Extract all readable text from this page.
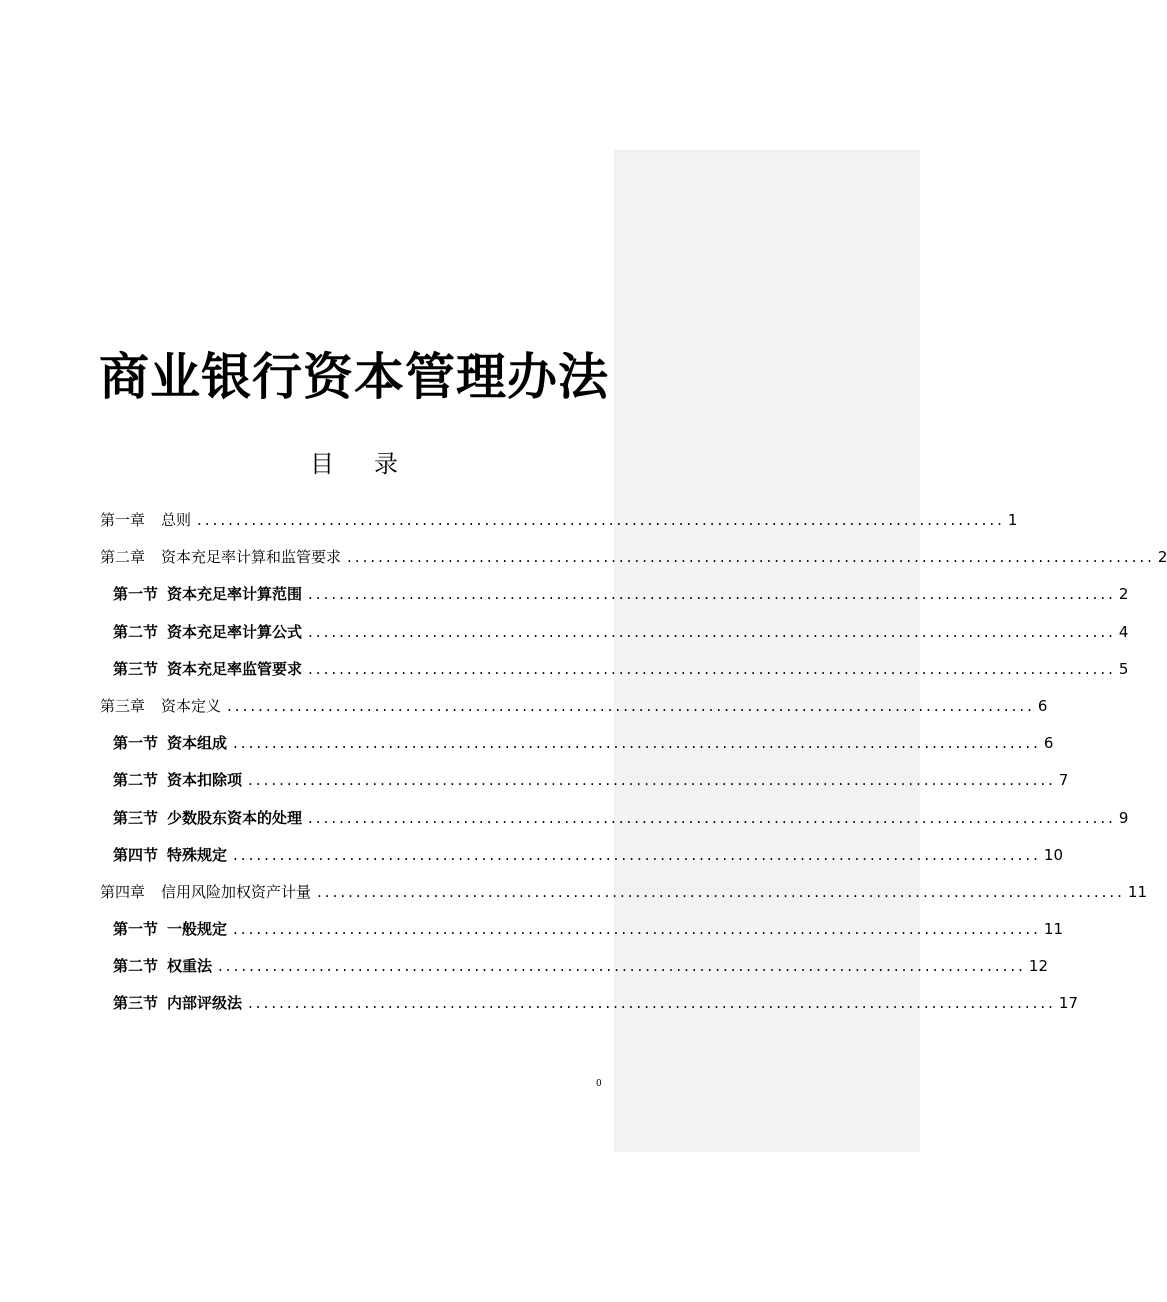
商业银行资本管理办法
目 录
第一章 总则 ........................................................................................................ 1
第二章 资本充足率计算和监管要求 ........................................................................................................ 2
第一节 资本充足率计算范围 ........................................................................................................ 2
第二节 资本充足率计算公式 ........................................................................................................ 4
第三节 资本充足率监管要求 ........................................................................................................ 5
第三章 资本定义 ........................................................................................................ 6
第一节 资本组成 ........................................................................................................ 6
第二节 资本扣除项 ........................................................................................................ 7
第三节 少数股东资本的处理 ........................................................................................................ 9
第四节 特殊规定 ........................................................................................................ 10
第四章 信用风险加权资产计量 ........................................................................................................ 11
第一节 一般规定 ........................................................................................................ 11
第二节 权重法 ........................................................................................................ 12
第三节 内部评级法 ........................................................................................................ 17
0
